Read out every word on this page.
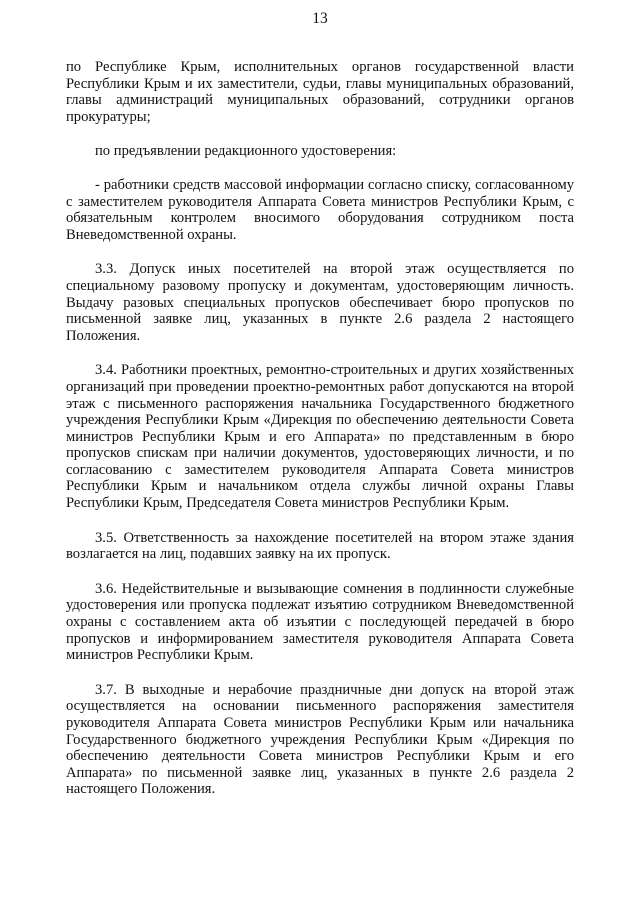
13

по Республике Крым, исполнительных органов государственной власти Республики Крым и их заместители, судьи, главы муниципальных образований, главы администраций муниципальных образований, сотрудники органов прокуратуры;

по предъявлении редакционного удостоверения:

- работники средств массовой информации согласно списку, согласованному с заместителем руководителя Аппарата Совета министров Республики Крым, с обязательным контролем вносимого оборудования сотрудником поста Вневедомственной охраны.

3.3. Допуск иных посетителей на второй этаж осуществляется по специальному разовому пропуску и документам, удостоверяющим личность. Выдачу разовых специальных пропусков обеспечивает бюро пропусков по письменной заявке лиц, указанных в пункте 2.6 раздела 2 настоящего Положения.

3.4. Работники проектных, ремонтно-строительных и других хозяйственных организаций при проведении проектно-ремонтных работ допускаются на второй этаж с письменного распоряжения начальника Государственного бюджетного учреждения Республики Крым «Дирекция по обеспечению деятельности Совета министров Республики Крым и его Аппарата» по представленным в бюро пропусков спискам при наличии документов, удостоверяющих личности, и по согласованию с заместителем руководителя Аппарата Совета министров Республики Крым и начальником отдела службы личной охраны Главы Республики Крым, Председателя Совета министров Республики Крым.

3.5. Ответственность за нахождение посетителей на втором этаже здания возлагается на лиц, подавших заявку на их пропуск.

3.6. Недействительные и вызывающие сомнения в подлинности служебные удостоверения или пропуска подлежат изъятию сотрудником Вневедомственной охраны с составлением акта об изъятии с последующей передачей в бюро пропусков и информированием заместителя руководителя Аппарата Совета министров Республики Крым.

3.7. В выходные и нерабочие праздничные дни допуск на второй этаж осуществляется на основании письменного распоряжения заместителя руководителя Аппарата Совета министров Республики Крым или начальника Государственного бюджетного учреждения Республики Крым «Дирекция по обеспечению деятельности Совета министров Республики Крым и его Аппарата» по письменной заявке лиц, указанных в пункте 2.6 раздела 2 настоящего Положения.
